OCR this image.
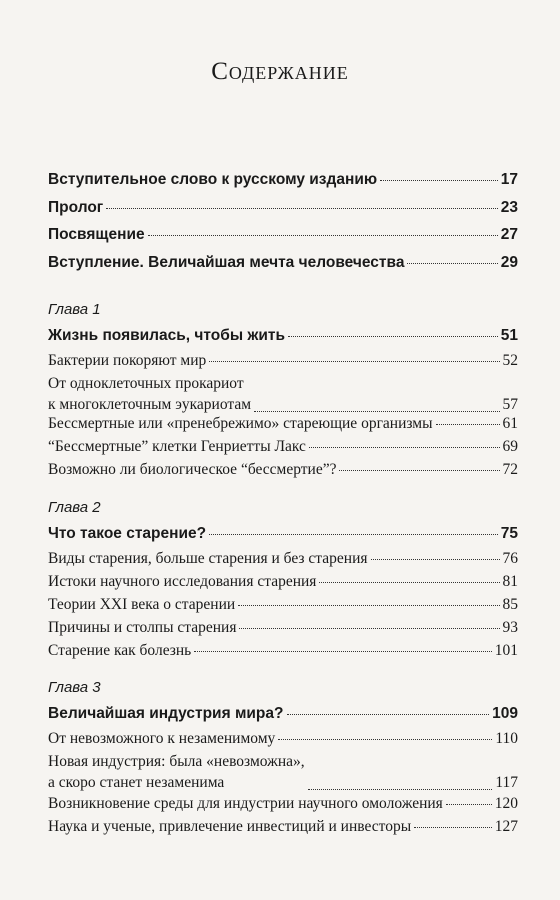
Содержание
Вступительное слово к русскому изданию	17
Пролог	23
Посвящение	27
Вступление. Величайшая мечта человечества	29
Глава 1
Жизнь появилась, чтобы жить	51
Бактерии покоряют мир	52
От одноклеточных прокариот
к многоклеточным эукариотам	57
Бессмертные или «пренебрежимо» стареющие организмы	61
“Бессмертные” клетки Генриетты Лакс	69
Возможно ли биологическое “бессмертие”?	72
Глава 2
Что такое старение?	75
Виды старения, больше старения и без старения	76
Истоки научного исследования старения	81
Теории XXI века о старении	85
Причины и столпы старения	93
Старение как болезнь	101
Глава 3
Величайшая индустрия мира?	109
От невозможного к незаменимому	110
Новая индустрия: была «невозможна»,
а скоро станет незаменима	117
Возникновение среды для индустрии научного омоложения	120
Наука и ученые, привлечение инвестиций и инвесторы	127
